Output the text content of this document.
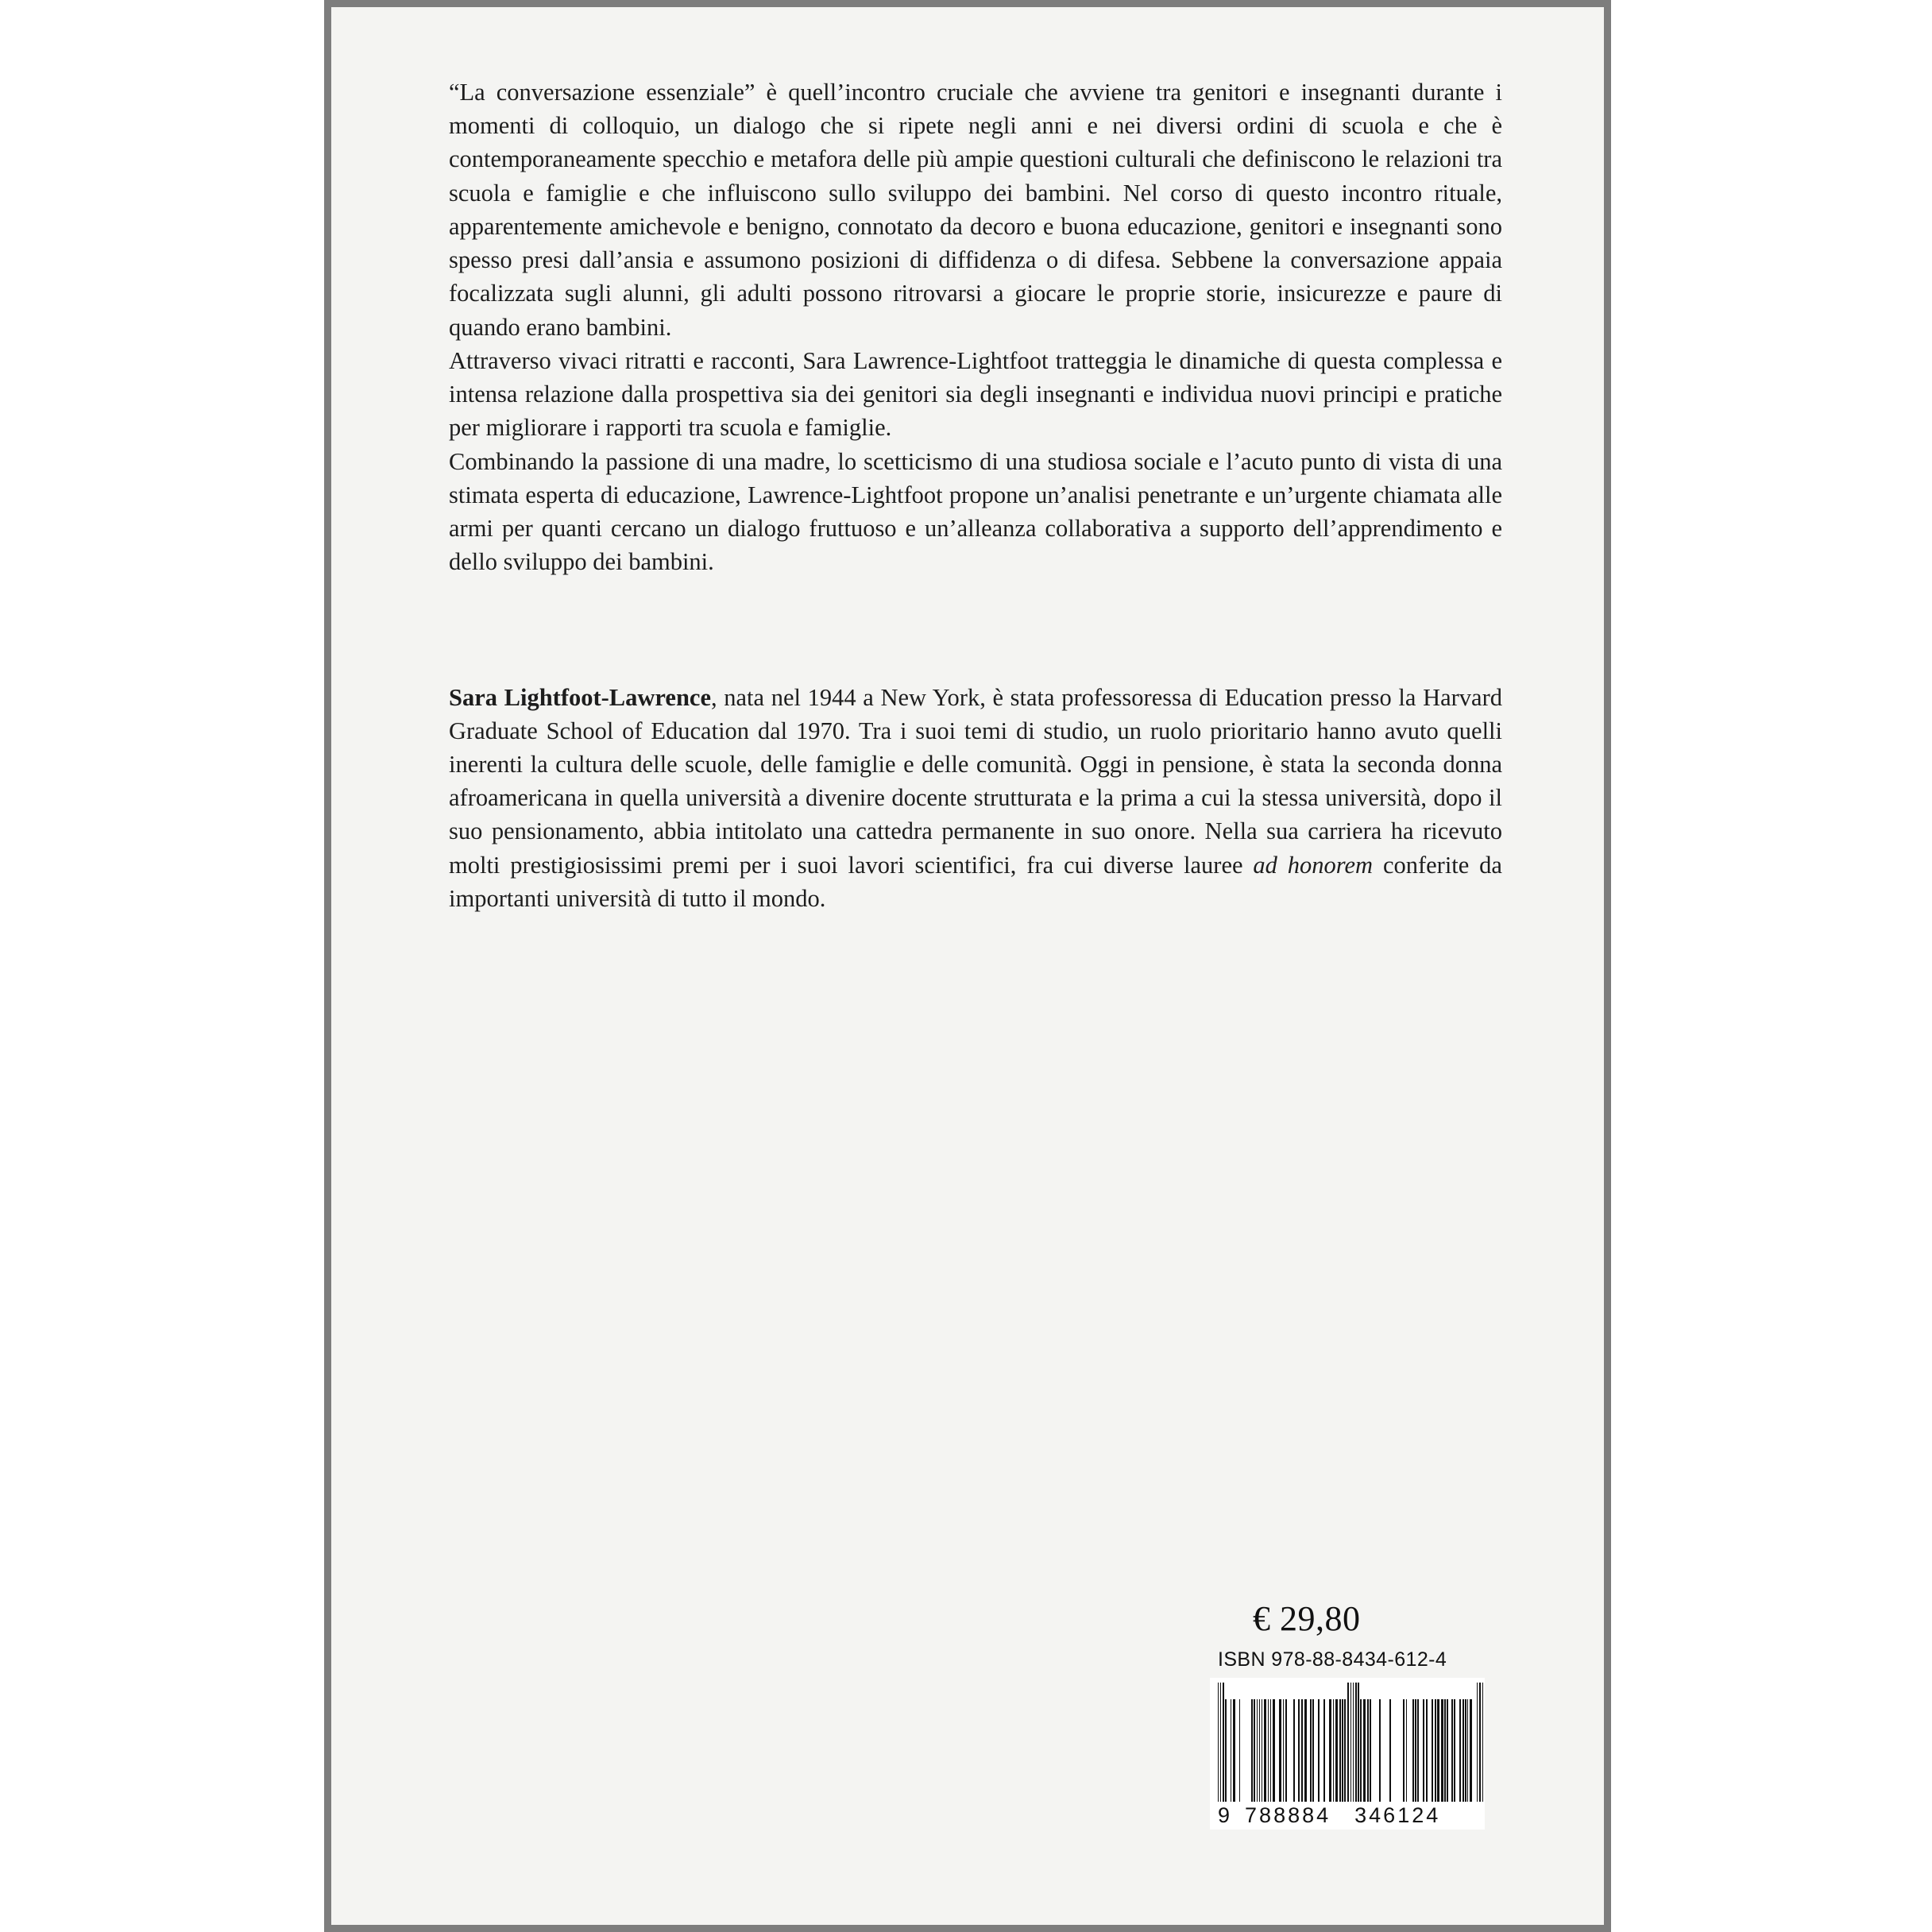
“La conversazione essenziale” è quell’incontro cruciale che avviene tra genitori e insegnanti durante i momenti di colloquio, un dialogo che si ripete negli anni e nei diversi ordini di scuola e che è contemporaneamente specchio e metafora delle più ampie questioni culturali che definiscono le relazioni tra scuola e famiglie e che influiscono sullo sviluppo dei bambini. Nel corso di questo incontro rituale, apparentemente amichevole e benigno, connotato da decoro e buona educazione, genitori e insegnanti sono spesso presi dall’ansia e assumono posizioni di diffidenza o di difesa. Sebbene la conversazione appaia focalizzata sugli alunni, gli adulti possono ritrovarsi a giocare le proprie storie, insicurezze e paure di quando erano bambini.

Attraverso vivaci ritratti e racconti, Sara Lawrence-Lightfoot tratteggia le dinamiche di questa complessa e intensa relazione dalla prospettiva sia dei genitori sia degli insegnanti e individua nuovi principi e pratiche per migliorare i rapporti tra scuola e famiglie.

Combinando la passione di una madre, lo scetticismo di una studiosa sociale e l’acuto punto di vista di una stimata esperta di educazione, Lawrence-Lightfoot propone un’analisi penetrante e un’urgente chiamata alle armi per quanti cercano un dialogo fruttuoso e un’alleanza collaborativa a supporto dell’apprendimento e dello sviluppo dei bambini.

Sara Lightfoot-Lawrence, nata nel 1944 a New York, è stata professoressa di Education presso la Harvard Graduate School of Education dal 1970. Tra i suoi temi di studio, un ruolo prioritario hanno avuto quelli inerenti la cultura delle scuole, delle famiglie e delle comunità. Oggi in pensione, è stata la seconda donna afroamericana in quella università a divenire docente strutturata e la prima a cui la stessa università, dopo il suo pensionamento, abbia intitolato una cattedra permanente in suo onore. Nella sua carriera ha ricevuto molti prestigiosissimi premi per i suoi lavori scientifici, fra cui diverse lauree ad honorem conferite da importanti università di tutto il mondo.

€ 29,80
ISBN 978-88-8434-612-4
9 788884 346124
